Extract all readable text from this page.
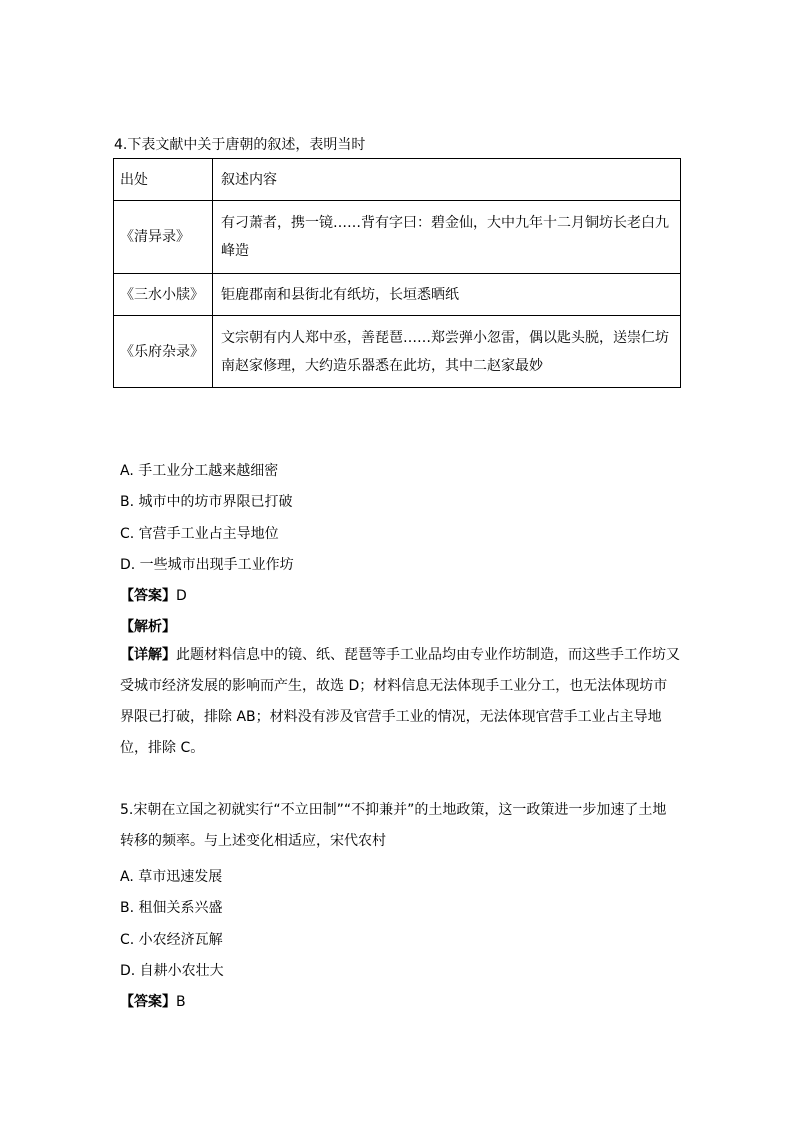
4.下表文献中关于唐朝的叙述，表明当时
出处	叙述内容
《清异录》	有刁萧者，携一镜……背有字曰：碧金仙，大中九年十二月铜坊长老白九峰造
《三水小牍》	钜鹿郡南和县街北有纸坊，长垣悉晒纸
《乐府杂录》	文宗朝有内人郑中丞，善琵琶……郑尝弹小忽雷，偶以匙头脱，送崇仁坊南赵家修理，大约造乐器悉在此坊，其中二赵家最妙
A. 手工业分工越来越细密
B. 城市中的坊市界限已打破
C. 官营手工业占主导地位
D. 一些城市出现手工业作坊
【答案】D
【解析】
【详解】此题材料信息中的镜、纸、琵琶等手工业品均由专业作坊制造，而这些手工作坊又受城市经济发展的影响而产生，故选 D；材料信息无法体现手工业分工，也无法体现坊市界限已打破，排除 AB；材料没有涉及官营手工业的情况，无法体现官营手工业占主导地位，排除 C。
5.宋朝在立国之初就实行“不立田制”“不抑兼并”的土地政策，这一政策进一步加速了土地转移的频率。与上述变化相适应，宋代农村
A. 草市迅速发展
B. 租佃关系兴盛
C. 小农经济瓦解
D. 自耕小农壮大
【答案】B
